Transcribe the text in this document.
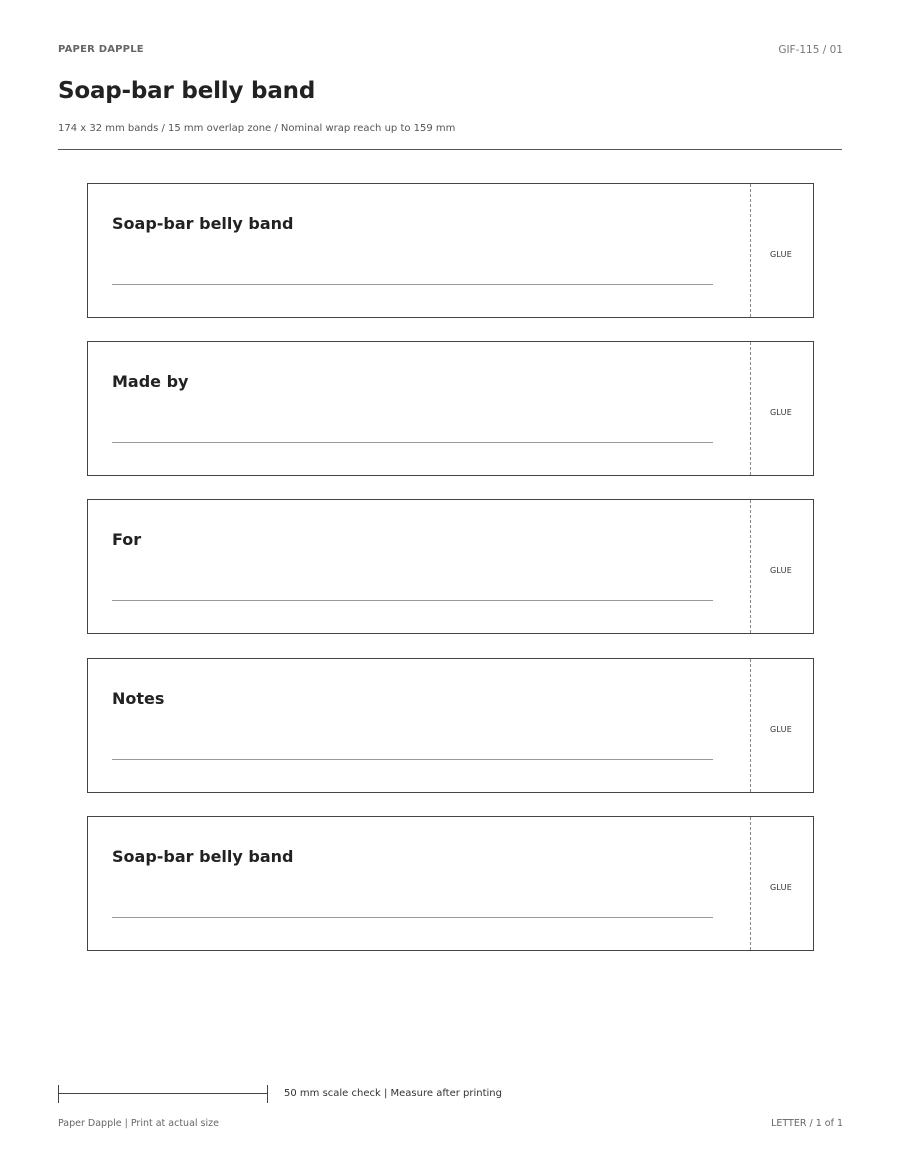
PAPER DAPPLE	GIF-115 / 01
Soap-bar belly band
174 x 32 mm bands / 15 mm overlap zone / Nominal wrap reach up to 159 mm
Soap-bar belly band
GLUE
Made by
GLUE
For
GLUE
Notes
GLUE
Soap-bar belly band
GLUE
50 mm scale check | Measure after printing
Paper Dapple | Print at actual size	LETTER / 1 of 1
